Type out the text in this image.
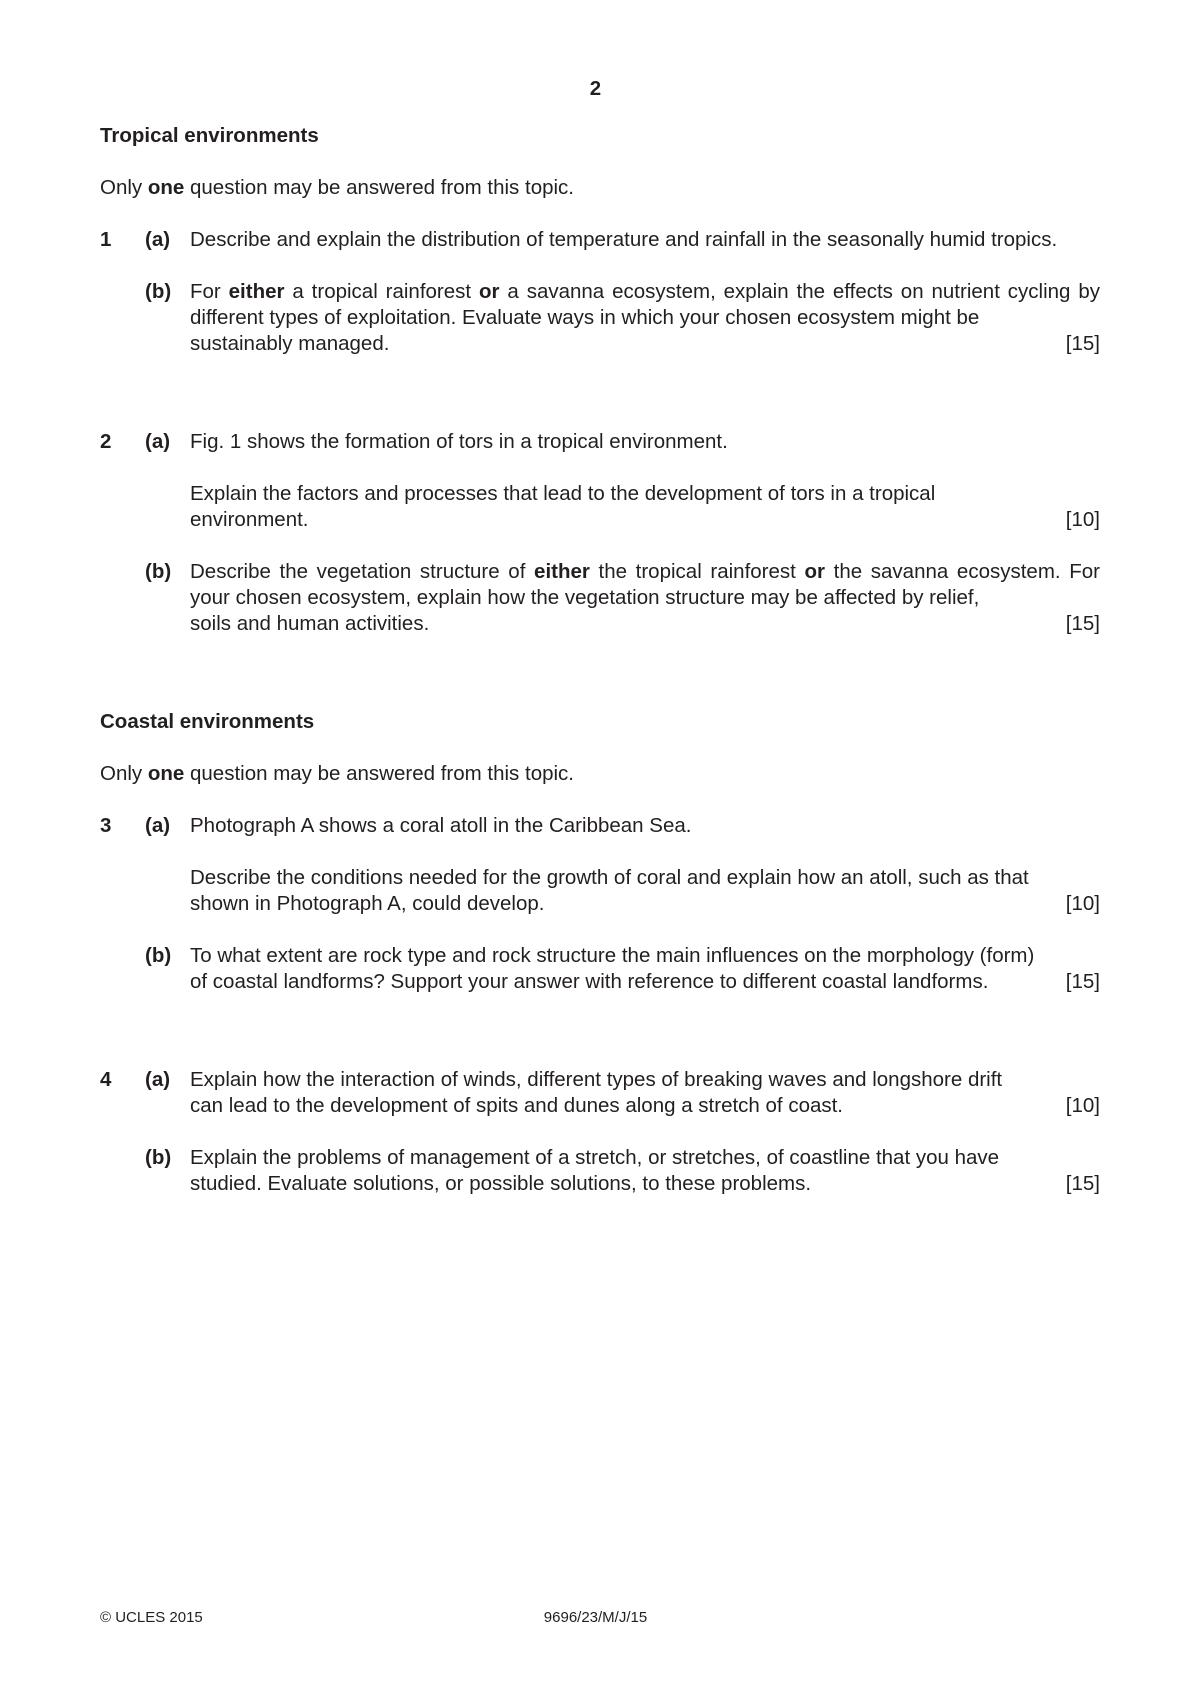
2
Tropical environments
Only one question may be answered from this topic.
1 (a) Describe and explain the distribution of temperature and rainfall in the seasonally humid tropics.
(b) For either a tropical rainforest or a savanna ecosystem, explain the effects on nutrient cycling by different types of exploitation. Evaluate ways in which your chosen ecosystem might be
sustainably managed.	[15]
2 (a) Fig. 1 shows the formation of tors in a tropical environment.
Explain the factors and processes that lead to the development of tors in a tropical
environment.	[10]
(b) Describe the vegetation structure of either the tropical rainforest or the savanna ecosystem. For your chosen ecosystem, explain how the vegetation structure may be affected by relief,
soils and human activities.	[15]
Coastal environments
Only one question may be answered from this topic.
3 (a) Photograph A shows a coral atoll in the Caribbean Sea.
Describe the conditions needed for the growth of coral and explain how an atoll, such as that
shown in Photograph A, could develop.	[10]
(b) To what extent are rock type and rock structure the main influences on the morphology (form)
of coastal landforms? Support your answer with reference to different coastal landforms.	[15]
4 (a) Explain how the interaction of winds, different types of breaking waves and longshore drift
can lead to the development of spits and dunes along a stretch of coast.	[10]
(b) Explain the problems of management of a stretch, or stretches, of coastline that you have
studied. Evaluate solutions, or possible solutions, to these problems.	[15]
© UCLES 2015	9696/23/M/J/15
